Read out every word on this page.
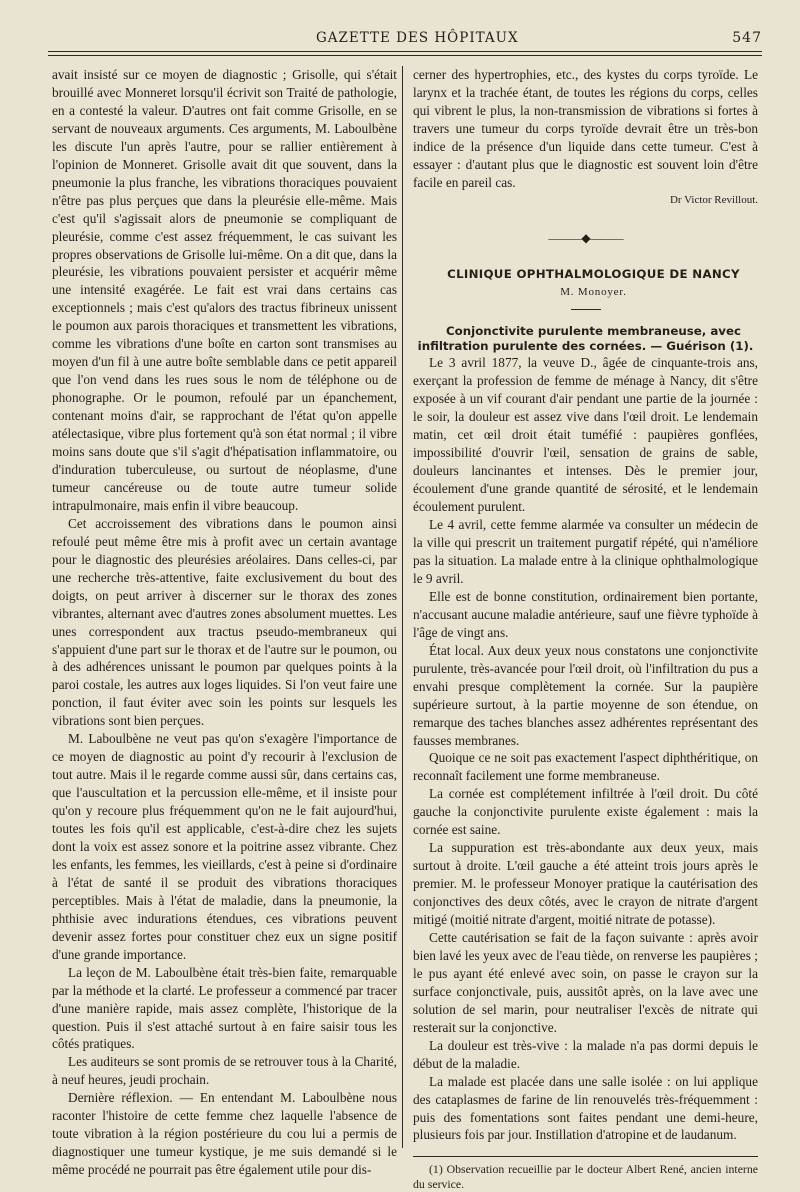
GAZETTE DES HÔPITAUX	547

avait insisté sur ce moyen de diagnostic ; Grisolle, qui s'était brouillé avec Monneret lorsqu'il écrivit son Traité de pathologie, en a contesté la valeur. D'autres ont fait comme Grisolle, en se servant de nouveaux arguments. Ces arguments, M. Laboulbène les discute l'un après l'autre, pour se rallier entièrement à l'opinion de Monneret. Grisolle avait dit que souvent, dans la pneumonie la plus franche, les vibrations thoraciques pouvaient n'être pas plus perçues que dans la pleurésie elle-même. Mais c'est qu'il s'agissait alors de pneumonie se compliquant de pleurésie, comme c'est assez fréquemment, le cas suivant les propres observations de Grisolle lui-même. On a dit que, dans la pleurésie, les vibrations pouvaient persister et acquérir même une intensité exagérée. Le fait est vrai dans certains cas exceptionnels ; mais c'est qu'alors des tractus fibrineux unissent le poumon aux parois thoraciques et transmettent les vibrations, comme les vibrations d'une boîte en carton sont transmises au moyen d'un fil à une autre boîte semblable dans ce petit appareil que l'on vend dans les rues sous le nom de téléphone ou de phonographe. Or le poumon, refoulé par un épanchement, contenant moins d'air, se rapprochant de l'état qu'on appelle atélectasique, vibre plus fortement qu'à son état normal ; il vibre moins sans doute que s'il s'agit d'hépatisation inflammatoire, ou d'induration tuberculeuse, ou surtout de néoplasme, d'une tumeur cancéreuse ou de toute autre tumeur solide intrapulmonaire, mais enfin il vibre beaucoup.

Cet accroissement des vibrations dans le poumon ainsi refoulé peut même être mis à profit avec un certain avantage pour le diagnostic des pleurésies aréolaires. Dans celles-ci, par une recherche très-attentive, faite exclusivement du bout des doigts, on peut arriver à discerner sur le thorax des zones vibrantes, alternant avec d'autres zones absolument muettes. Les unes correspondent aux tractus pseudo-membraneux qui s'appuient d'une part sur le thorax et de l'autre sur le poumon, ou à des adhérences unissant le poumon par quelques points à la paroi costale, les autres aux loges liquides. Si l'on veut faire une ponction, il faut éviter avec soin les points sur lesquels les vibrations sont bien perçues.

M. Laboulbène ne veut pas qu'on s'exagère l'importance de ce moyen de diagnostic au point d'y recourir à l'exclusion de tout autre. Mais il le regarde comme aussi sûr, dans certains cas, que l'auscultation et la percussion elle-même, et il insiste pour qu'on y recoure plus fréquemment qu'on ne le fait aujourd'hui, toutes les fois qu'il est applicable, c'est-à-dire chez les sujets dont la voix est assez sonore et la poitrine assez vibrante. Chez les enfants, les femmes, les vieillards, c'est à peine si d'ordinaire à l'état de santé il se produit des vibrations thoraciques perceptibles. Mais à l'état de maladie, dans la pneumonie, la phthisie avec indurations étendues, ces vibrations peuvent devenir assez fortes pour constituer chez eux un signe positif d'une grande importance.

La leçon de M. Laboulbène était très-bien faite, remarquable par la méthode et la clarté. Le professeur a commencé par tracer d'une manière rapide, mais assez complète, l'historique de la question. Puis il s'est attaché surtout à en faire saisir tous les côtés pratiques.

Les auditeurs se sont promis de se retrouver tous à la Charité, à neuf heures, jeudi prochain.

Dernière réflexion. — En entendant M. Laboulbène nous raconter l'histoire de cette femme chez laquelle l'absence de toute vibration à la région postérieure du cou lui a permis de diagnostiquer une tumeur kystique, je me suis demandé si le même procédé ne pourrait pas être également utile pour dis-

cerner des hypertrophies, etc., des kystes du corps tyroïde. Le larynx et la trachée étant, de toutes les régions du corps, celles qui vibrent le plus, la non-transmission de vibrations si fortes à travers une tumeur du corps tyroïde devrait être un très-bon indice de la présence d'un liquide dans cette tumeur. C'est à essayer : d'autant plus que le diagnostic est souvent loin d'être facile en pareil cas.

Dr Victor Revillout.
———◆———

CLINIQUE OPHTHALMOLOGIQUE DE NANCY

M. Monoyer.

Conjonctivite purulente membraneuse, avec infiltration purulente des cornées. — Guérison (1).

Le 3 avril 1877, la veuve D., âgée de cinquante-trois ans, exerçant la profession de femme de ménage à Nancy, dit s'être exposée à un vif courant d'air pendant une partie de la journée : le soir, la douleur est assez vive dans l'œil droit. Le lendemain matin, cet œil droit était tuméfié : paupières gonflées, impossibilité d'ouvrir l'œil, sensation de grains de sable, douleurs lancinantes et intenses. Dès le premier jour, écoulement d'une grande quantité de sérosité, et le lendemain écoulement purulent.

Le 4 avril, cette femme alarmée va consulter un médecin de la ville qui prescrit un traitement purgatif répété, qui n'améliore pas la situation. La malade entre à la clinique ophthalmologique le 9 avril.

Elle est de bonne constitution, ordinairement bien portante, n'accusant aucune maladie antérieure, sauf une fièvre typhoïde à l'âge de vingt ans.

État local. Aux deux yeux nous constatons une conjonctivite purulente, très-avancée pour l'œil droit, où l'infiltration du pus a envahi presque complètement la cornée. Sur la paupière supérieure surtout, à la partie moyenne de son étendue, on remarque des taches blanches assez adhérentes représentant des fausses membranes.

Quoique ce ne soit pas exactement l'aspect diphthéritique, on reconnaît facilement une forme membraneuse.

La cornée est complétement infiltrée à l'œil droit. Du côté gauche la conjonctivite purulente existe également : mais la cornée est saine.

La suppuration est très-abondante aux deux yeux, mais surtout à droite. L'œil gauche a été atteint trois jours après le premier. M. le professeur Monoyer pratique la cautérisation des conjonctives des deux côtés, avec le crayon de nitrate d'argent mitigé (moitié nitrate d'argent, moitié nitrate de potasse).

Cette cautérisation se fait de la façon suivante : après avoir bien lavé les yeux avec de l'eau tiède, on renverse les paupières ; le pus ayant été enlevé avec soin, on passe le crayon sur la surface conjonctivale, puis, aussitôt après, on la lave avec une solution de sel marin, pour neutraliser l'excès de nitrate qui resterait sur la conjonctive.

La douleur est très-vive : la malade n'a pas dormi depuis le début de la maladie.

La malade est placée dans une salle isolée : on lui applique des cataplasmes de farine de lin renouvelés très-fréquemment : puis des fomentations sont faites pendant une demi-heure, plusieurs fois par jour. Instillation d'atropine et de laudanum.

(1) Observation recueillie par le docteur Albert René, ancien interne du service.
